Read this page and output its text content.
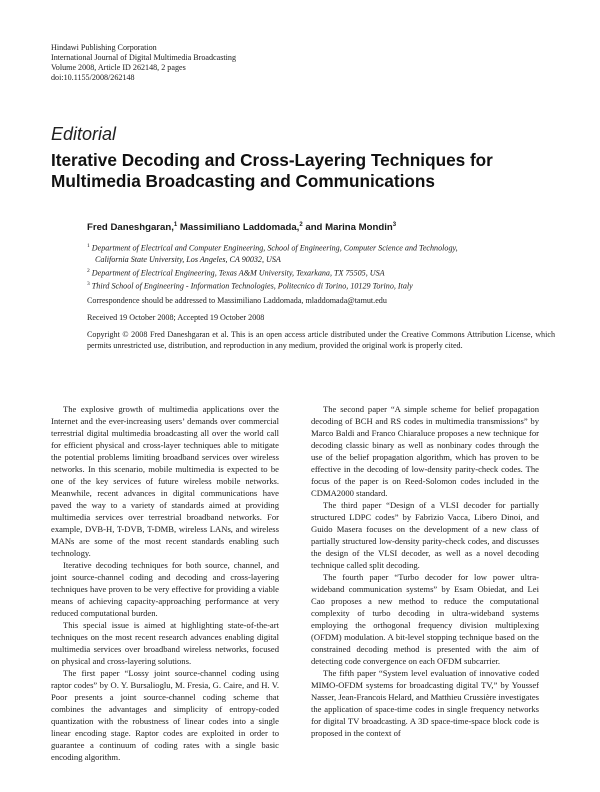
Hindawi Publishing Corporation
International Journal of Digital Multimedia Broadcasting
Volume 2008, Article ID 262148, 2 pages
doi:10.1155/2008/262148
Editorial
Iterative Decoding and Cross-Layering Techniques for Multimedia Broadcasting and Communications
Fred Daneshgaran,$^1$ Massimiliano Laddomada,$^2$ and Marina Mondin$^3$
$^1$ Department of Electrical and Computer Engineering, School of Engineering, Computer Science and Technology,
California State University, Los Angeles, CA 90032, USA
$^2$ Department of Electrical Engineering, Texas A&M University, Texarkana, TX 75505, USA
$^3$ Third School of Engineering - Information Technologies, Politecnico di Torino, 10129 Torino, Italy
Correspondence should be addressed to Massimiliano Laddomada, mladdomada@tamut.edu
Received 19 October 2008; Accepted 19 October 2008
Copyright © 2008 Fred Daneshgaran et al. This is an open access article distributed under the Creative Commons Attribution License, which permits unrestricted use, distribution, and reproduction in any medium, provided the original work is properly cited.

The explosive growth of multimedia applications over the Internet and the ever-increasing users’ demands over commercial terrestrial digital multimedia broadcasting all over the world call for efficient physical and cross-layer techniques able to mitigate the potential problems limiting broadband services over wireless networks. In this scenario, mobile multimedia is expected to be one of the key services of future wireless mobile networks. Meanwhile, recent advances in digital communications have paved the way to a variety of standards aimed at providing multimedia services over terrestrial broadband networks. For example, DVB-H, T-DVB, T-DMB, wireless LANs, and wireless MANs are some of the most recent standards enabling such technology.

Iterative decoding techniques for both source, channel, and joint source-channel coding and decoding and cross-layering techniques have proven to be very effective for providing a viable means of achieving capacity-approaching performance at very reduced computational burden.

This special issue is aimed at highlighting state-of-the-art techniques on the most recent research advances enabling digital multimedia services over broadband wireless networks, focused on physical and cross-layering solutions.

The first paper “Lossy joint source-channel coding using raptor codes” by O. Y. Bursalioglu, M. Fresia, G. Caire, and H. V. Poor presents a joint source-channel coding scheme that combines the advantages and simplicity of entropy-coded quantization with the robustness of linear codes into a single linear encoding stage. Raptor codes are exploited in order to guarantee a continuum of coding rates with a single basic encoding algorithm.

The second paper “A simple scheme for belief propagation decoding of BCH and RS codes in multimedia transmissions” by Marco Baldi and Franco Chiaraluce proposes a new technique for decoding classic binary as well as nonbinary codes through the use of the belief propagation algorithm, which has proven to be effective in the decoding of low-density parity-check codes. The focus of the paper is on Reed-Solomon codes included in the CDMA2000 standard.

The third paper “Design of a VLSI decoder for partially structured LDPC codes” by Fabrizio Vacca, Libero Dinoi, and Guido Masera focuses on the development of a new class of partially structured low-density parity-check codes, and discusses the design of the VLSI decoder, as well as a novel decoding technique called split decoding.

The fourth paper “Turbo decoder for low power ultra-wideband communication systems” by Esam Obiedat, and Lei Cao proposes a new method to reduce the computational complexity of turbo decoding in ultra-wideband systems employing the orthogonal frequency division multiplexing (OFDM) modulation. A bit-level stopping technique based on the constrained decoding method is presented with the aim of detecting code convergence on each OFDM subcarrier.

The fifth paper “System level evaluation of innovative coded MIMO-OFDM systems for broadcasting digital TV,” by Youssef Nasser, Jean-Francois Helard, and Matthieu Crussière investigates the application of space-time codes in single frequency networks for digital TV broadcasting. A 3D space-time-space block code is proposed in the context of
